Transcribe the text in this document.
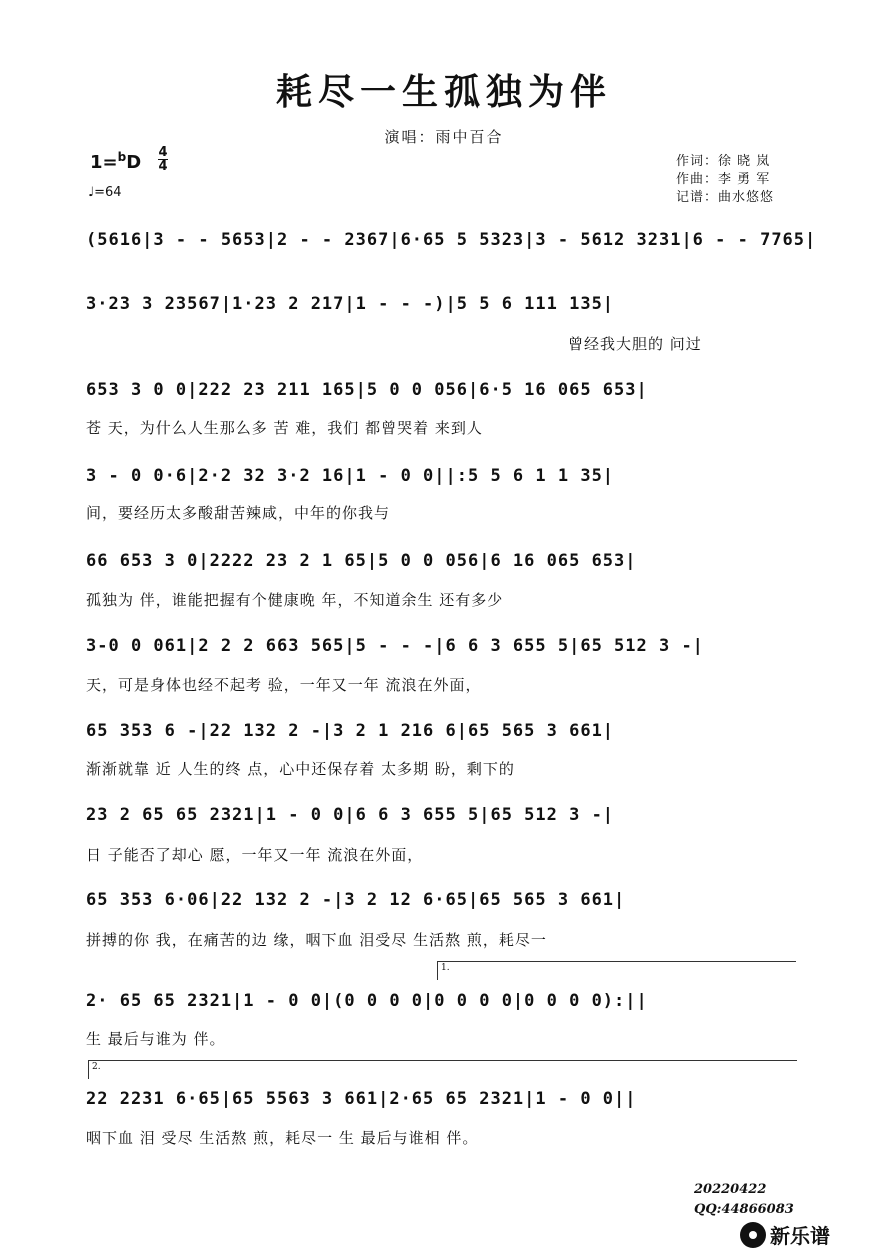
耗尽一生孤独为伴
演唱：雨中百合
1=$^b$D 4
4
♩=64
作词：徐 晓 岚
作曲：李 勇 军
记谱：曲水悠悠
(5616|3 - - 5653|2 - - 2367|6·65 5 5323|3 - 5612 3231|6 - - 7765|
3·23 3 23567|1·23 2 217|1 - - -)|5 5 6 111 135|
曾经我大胆的 问过
653 3 0 0|222 23 211 165|5 0 0 056|6·5 16 065 653|
苍 天，为什么人生那么多 苦 难，我们 都曾哭着 来到人
3 - 0 0·6|2·2 32 3·2 16|1 - 0 0||:5 5 6 1 1 35|
间，要经历太多酸甜苦辣咸，中年的你我与
66 653 3 0|2222 23 2 1 65|5 0 0 056|6 16 065 653|
孤独为 伴，谁能把握有个健康晚 年，不知道余生 还有多少
3-0 0 061|2 2 2 663 565|5 - - -|6 6 3 655 5|65 512 3 -|
天，可是身体也经不起考 验，一年又一年 流浪在外面，
65 353 6 -|22 132 2 -|3 2 1 216 6|65 565 3 661|
渐渐就靠 近 人生的终 点，心中还保存着 太多期 盼，剩下的
23 2 65 65 2321|1 - 0 0|6 6 3 655 5|65 512 3 -|
日 子能否了却心 愿，一年又一年 流浪在外面，
65 353 6·06|22 132 2 -|3 2 12 6·65|65 565 3 661|
拼搏的你 我，在痛苦的边 缘，咽下血 泪受尽 生活熬 煎，耗尽一
1.
2· 65 65 2321|1 - 0 0|(0 0 0 0|0 0 0 0|0 0 0 0):||
生 最后与谁为 伴。
2.
22 2231 6·65|65 5563 3 661|2·65 65 2321|1 - 0 0||
咽下血 泪 受尽 生活熬 煎，耗尽一 生 最后与谁相 伴。
20220422
QQ:44866083
新乐谱
